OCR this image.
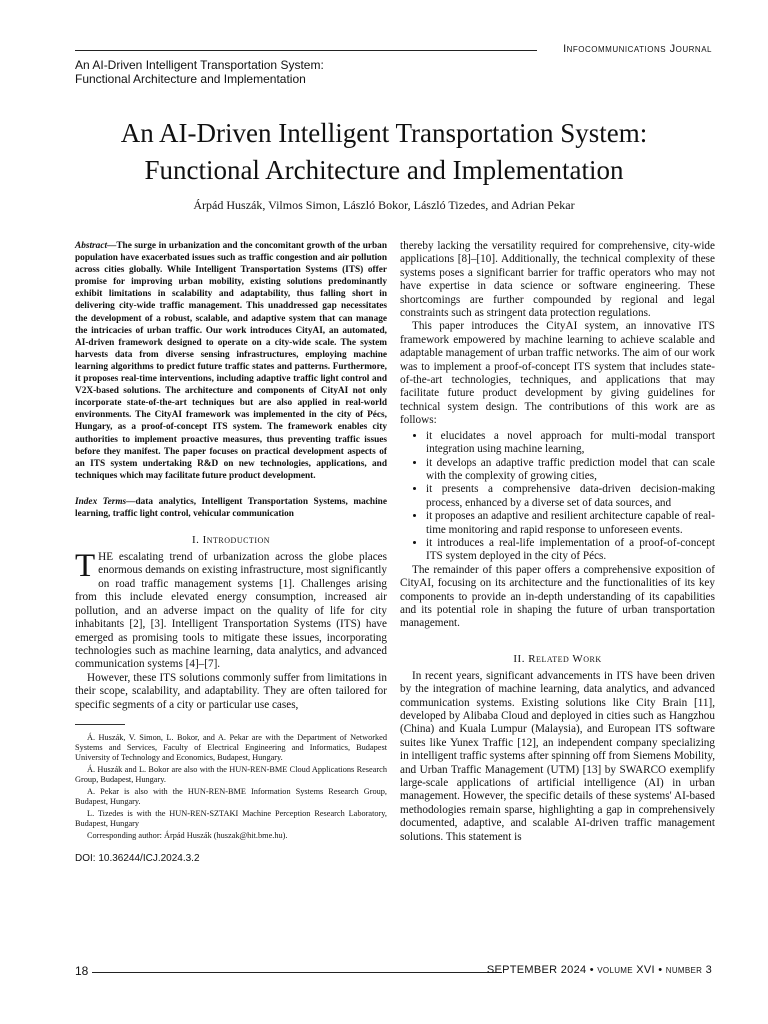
Infocommunications Journal
An AI-Driven Intelligent Transportation System:
Functional Architecture and Implementation
An AI-Driven Intelligent Transportation System:
Functional Architecture and Implementation
Árpád Huszák, Vilmos Simon, László Bokor, László Tizedes, and Adrian Pekar

Abstract—The surge in urbanization and the concomitant growth of the urban population have exacerbated issues such as traffic congestion and air pollution across cities globally. While Intelligent Transportation Systems (ITS) offer promise for improving urban mobility, existing solutions predominantly exhibit limitations in scalability and adaptability, thus falling short in delivering city-wide traffic management. This unaddressed gap necessitates the development of a robust, scalable, and adaptive system that can manage the intricacies of urban traffic. Our work introduces CityAI, an automated, AI-driven framework designed to operate on a city-wide scale. The system harvests data from diverse sensing infrastructures, employing machine learning algorithms to predict future traffic states and patterns. Furthermore, it proposes real-time interventions, including adaptive traffic light control and V2X-based solutions. The architecture and components of CityAI not only incorporate state-of-the-art techniques but are also applied in real-world environments. The CityAI framework was implemented in the city of Pécs, Hungary, as a proof-of-concept ITS system. The framework enables city authorities to implement proactive measures, thus preventing traffic issues before they manifest. The paper focuses on practical development aspects of an ITS system undertaking R&D on new technologies, applications, and techniques which may facilitate future product development.

Index Terms—data analytics, Intelligent Transportation Systems, machine learning, traffic light control, vehicular communication

I. Introduction

THE escalating trend of urbanization across the globe places enormous demands on existing infrastructure, most significantly on road traffic management systems [1]. Challenges arising from this include elevated energy consumption, increased air pollution, and an adverse impact on the quality of life for city inhabitants [2], [3]. Intelligent Transportation Systems (ITS) have emerged as promising tools to mitigate these issues, incorporating technologies such as machine learning, data analytics, and advanced communication systems [4]–[7].

However, these ITS solutions commonly suffer from limitations in their scope, scalability, and adaptability. They are often tailored for specific segments of a city or particular use cases,

Á. Huszák, V. Simon, L. Bokor, and A. Pekar are with the Department of Networked Systems and Services, Faculty of Electrical Engineering and Informatics, Budapest University of Technology and Economics, Budapest, Hungary.

Á. Huszák and L. Bokor are also with the HUN-REN-BME Cloud Applications Research Group, Budapest, Hungary.

A. Pekar is also with the HUN-REN-BME Information Systems Research Group, Budapest, Hungary.

L. Tizedes is with the HUN-REN-SZTAKI Machine Perception Research Laboratory, Budapest, Hungary

Corresponding author: Árpád Huszák (huszak@hit.bme.hu).

DOI: 10.36244/ICJ.2024.3.2

thereby lacking the versatility required for comprehensive, city-wide applications [8]–[10]. Additionally, the technical complexity of these systems poses a significant barrier for traffic operators who may not have expertise in data science or software engineering. These shortcomings are further compounded by regional and legal constraints such as stringent data protection regulations.

This paper introduces the CityAI system, an innovative ITS framework empowered by machine learning to achieve scalable and adaptable management of urban traffic networks. The aim of our work was to implement a proof-of-concept ITS system that includes state-of-the-art technologies, techniques, and applications that may facilitate future product development by giving guidelines for technical system design. The contributions of this work are as follows:

• it elucidates a novel approach for multi-modal transport integration using machine learning,
• it develops an adaptive traffic prediction model that can scale with the complexity of growing cities,
• it presents a comprehensive data-driven decision-making process, enhanced by a diverse set of data sources, and
• it proposes an adaptive and resilient architecture capable of real-time monitoring and rapid response to unforeseen events.
• it introduces a real-life implementation of a proof-of-concept ITS system deployed in the city of Pécs.

The remainder of this paper offers a comprehensive exposition of CityAI, focusing on its architecture and the functionalities of its key components to provide an in-depth understanding of its capabilities and its potential role in shaping the future of urban transportation management.

II. Related Work

In recent years, significant advancements in ITS have been driven by the integration of machine learning, data analytics, and advanced communication systems. Existing solutions like City Brain [11], developed by Alibaba Cloud and deployed in cities such as Hangzhou (China) and Kuala Lumpur (Malaysia), and European ITS software suites like Yunex Traffic [12], an independent company specializing in intelligent traffic systems after spinning off from Siemens Mobility, and Urban Traffic Management (UTM) [13] by SWARCO exemplify large-scale applications of artificial intelligence (AI) in urban management. However, the specific details of these systems' AI-based methodologies remain sparse, highlighting a gap in comprehensively documented, adaptive, and scalable AI-driven traffic management solutions. This statement is

18	SEPTEMBER 2024 • volume XVI • number 3
